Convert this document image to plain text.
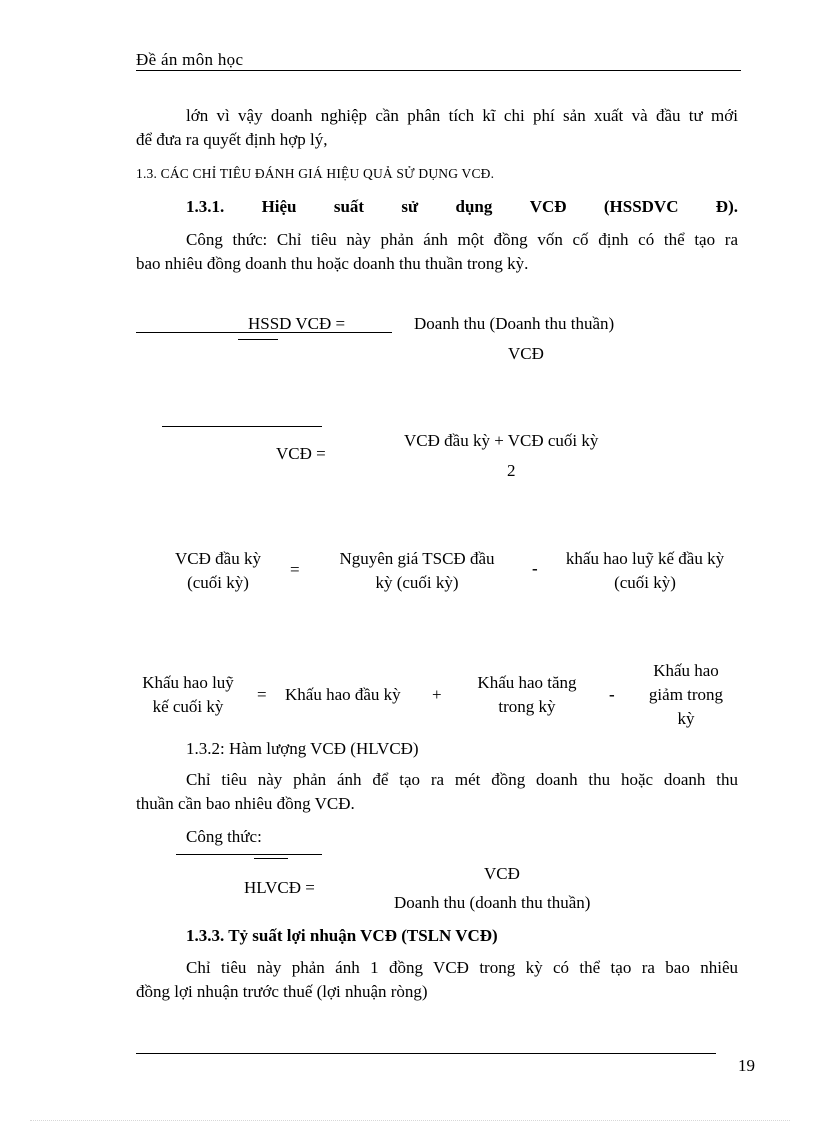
Đề án môn học
lớn vì vậy doanh nghiệp cần phân tích kĩ chi phí sản xuất và đầu tư mới
để đưa ra quyết định hợp lý,
1.3. CÁC CHỈ TIÊU ĐÁNH GIÁ HIỆU QUẢ SỬ DỤNG VCĐ.
1.3.1. Hiệu suất sử dụng VCĐ (HSSDVC Đ).
Công thức: Chỉ tiêu này phản ánh một đồng vốn cố định có thể tạo ra
bao nhiêu đồng doanh thu hoặc doanh thu thuần trong kỳ.
HSSD VCĐ =	Doanh thu (Doanh thu thuần)
VCĐ
VCĐ =
VCĐ đầu kỳ + VCĐ cuối kỳ
2
VCĐ đầu kỳ
(cuối kỳ)
=
Nguyên giá TSCĐ đầu
kỳ (cuối kỳ)
-
khấu hao luỹ kế đầu kỳ
(cuối kỳ)
Khấu hao luỹ
kế cuối kỳ
= Khấu hao đầu kỳ +
Khấu hao tăng
trong kỳ
-
Khấu hao
giảm trong
kỳ
1.3.2: Hàm lượng VCĐ (HLVCĐ)
Chỉ tiêu này phản ánh để tạo ra mét đồng doanh thu hoặc doanh thu
thuần cần bao nhiêu đồng VCĐ.
Công thức:
VCĐ
HLVCĐ =
Doanh thu (doanh thu thuần)
1.3.3. Tỷ suất lợi nhuận VCĐ (TSLN VCĐ)
Chỉ tiêu này phản ánh 1 đồng VCĐ trong kỳ có thể tạo ra bao nhiêu
đồng lợi nhuận trước thuế (lợi nhuận ròng)
19
